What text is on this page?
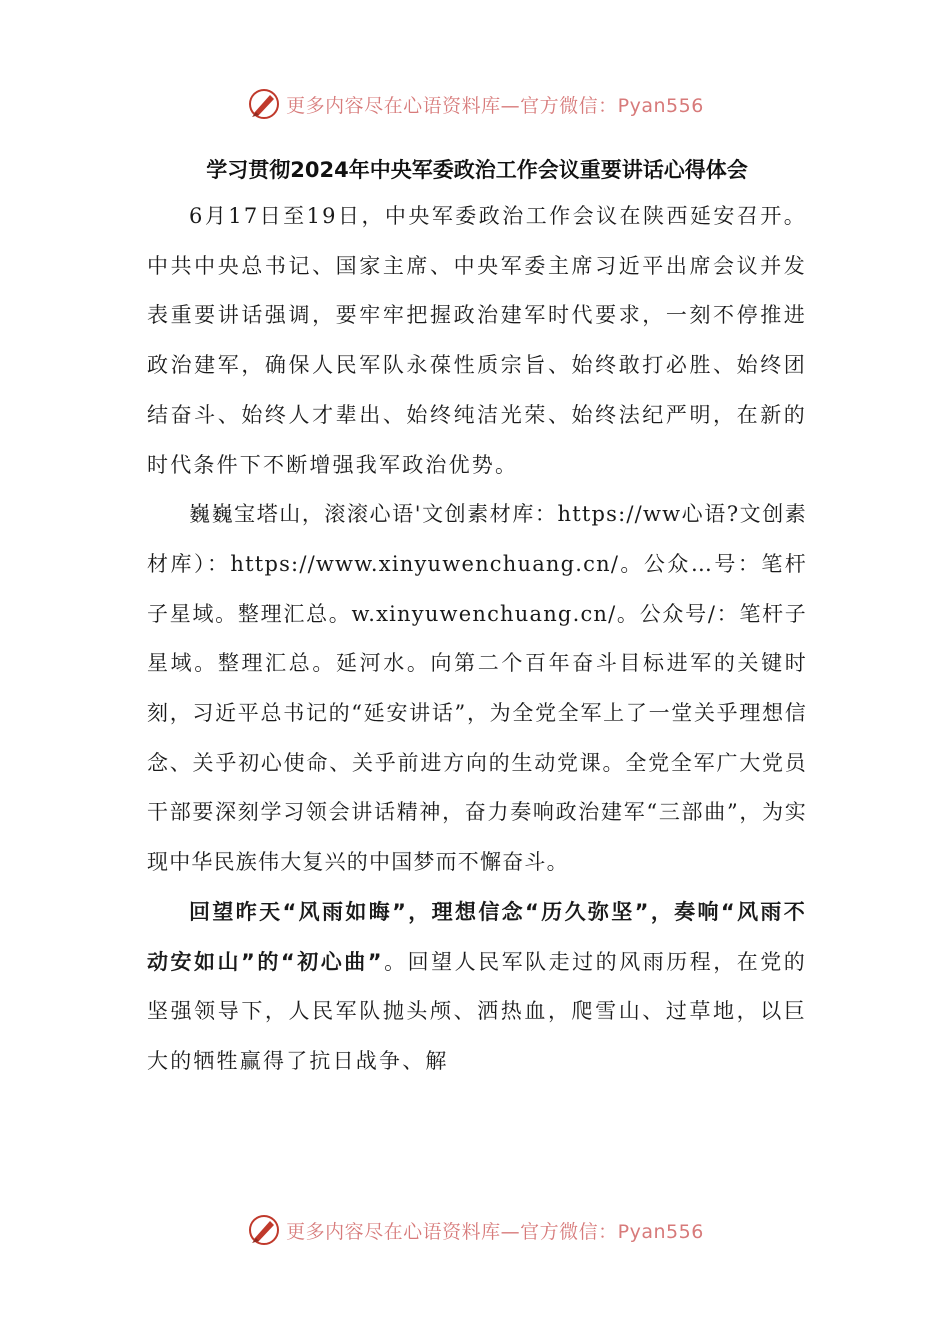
更多内容尽在心语资料库—官方微信：Pyan556
学习贯彻2024年中央军委政治工作会议重要讲话心得体会

6月17日至19日，中央军委政治工作会议在陕西延安召开。中共中央总书记、国家主席、中央军委主席习近平出席会议并发表重要讲话强调，要牢牢把握政治建军时代要求，一刻不停推进政治建军，确保人民军队永葆性质宗旨、始终敢打必胜、始终团结奋斗、始终人才辈出、始终纯洁光荣、始终法纪严明，在新的时代条件下不断增强我军政治优势。

巍巍宝塔山，滚滚心语'文创素材库：https://ww心语?文创素材库）：https://www.xinyuwenchuang.cn/。公众…号：笔杆子星域。整理汇总。w.xinyuwenchuang.cn/。公众号/：笔杆子星域。整理汇总。延河水。向第二个百年奋斗目标进军的关键时刻，习近平总书记的“延安讲话”，为全党全军上了一堂关乎理想信念、关乎初心使命、关乎前进方向的生动党课。全党全军广大党员干部要深刻学习领会讲话精神，奋力奏响政治建军“三部曲”，为实现中华民族伟大复兴的中国梦而不懈奋斗。

回望昨天“风雨如晦”，理想信念“历久弥坚”，奏响“风雨不动安如山”的“初心曲”。回望人民军队走过的风雨历程，在党的坚强领导下，人民军队抛头颅、洒热血，爬雪山、过草地，以巨大的牺牲赢得了抗日战争、解

更多内容尽在心语资料库—官方微信：Pyan556
